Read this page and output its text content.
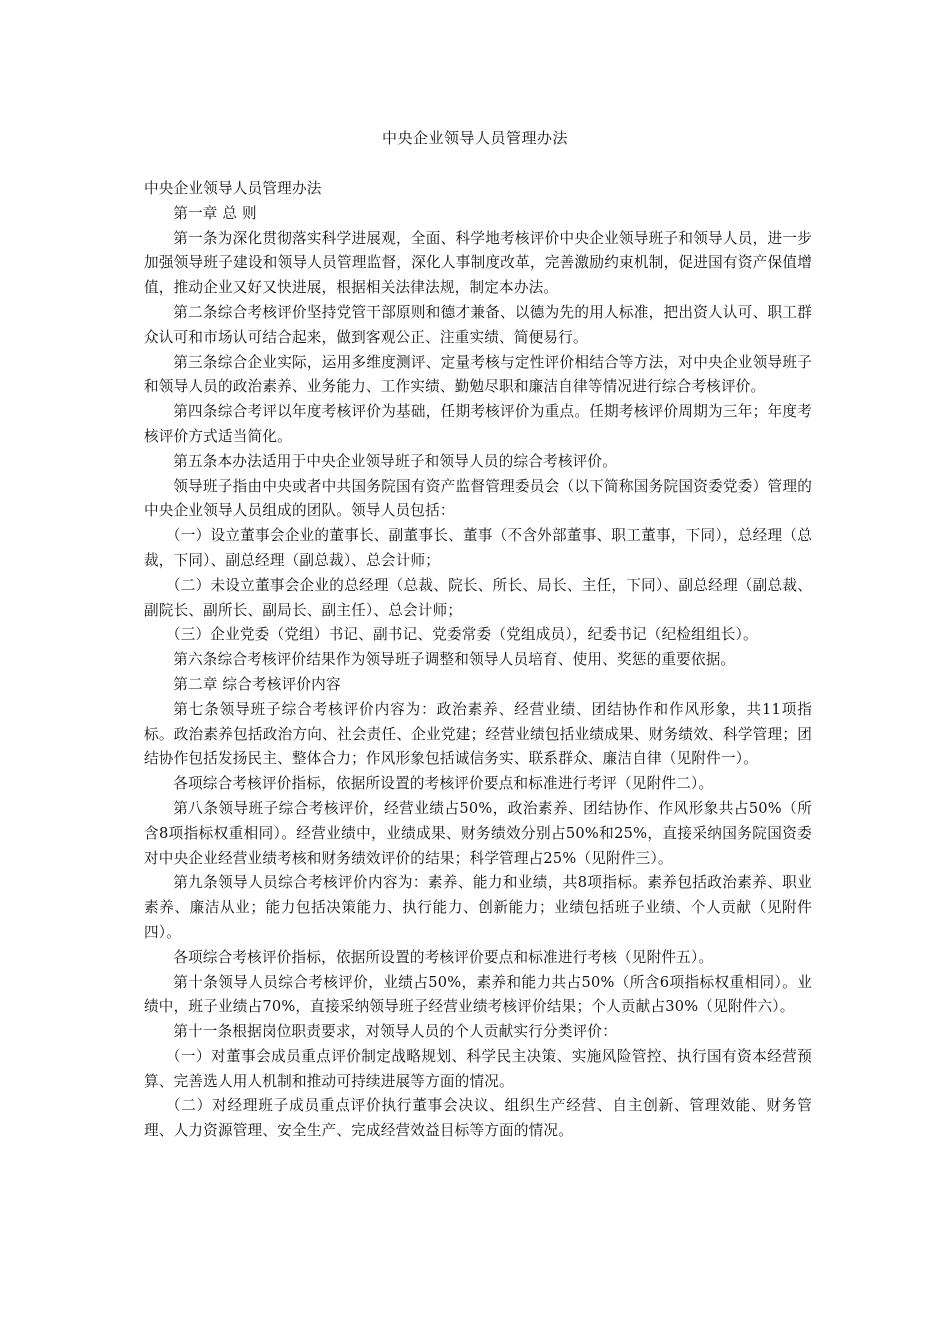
中央企业领导人员管理办法

中央企业领导人员管理办法

第一章 总 则

第一条为深化贯彻落实科学进展观，全面、科学地考核评价中央企业领导班子和领导人员，进一步加强领导班子建设和领导人员管理监督，深化人事制度改革，完善激励约束机制，促进国有资产保值增值，推动企业又好又快进展，根据相关法律法规，制定本办法。

第二条综合考核评价坚持党管干部原则和德才兼备、以德为先的用人标准，把出资人认可、职工群众认可和市场认可结合起来，做到客观公正、注重实绩、简便易行。

第三条综合企业实际，运用多维度测评、定量考核与定性评价相结合等方法，对中央企业领导班子和领导人员的政治素养、业务能力、工作实绩、勤勉尽职和廉洁自律等情况进行综合考核评价。

第四条综合考评以年度考核评价为基础，任期考核评价为重点。任期考核评价周期为三年；年度考核评价方式适当简化。

第五条本办法适用于中央企业领导班子和领导人员的综合考核评价。

领导班子指由中央或者中共国务院国有资产监督管理委员会（以下简称国务院国资委党委）管理的中央企业领导人员组成的团队。领导人员包括：

（一）设立董事会企业的董事长、副董事长、董事（不含外部董事、职工董事，下同），总经理（总裁，下同）、副总经理（副总裁）、总会计师；

（二）未设立董事会企业的总经理（总裁、院长、所长、局长、主任，下同）、副总经理（副总裁、副院长、副所长、副局长、副主任）、总会计师；

（三）企业党委（党组）书记、副书记、党委常委（党组成员），纪委书记（纪检组组长）。

第六条综合考核评价结果作为领导班子调整和领导人员培育、使用、奖惩的重要依据。

第二章 综合考核评价内容

第七条领导班子综合考核评价内容为：政治素养、经营业绩、团结协作和作风形象，共11项指标。政治素养包括政治方向、社会责任、企业党建；经营业绩包括业绩成果、财务绩效、科学管理；团结协作包括发扬民主、整体合力；作风形象包括诚信务实、联系群众、廉洁自律（见附件一）。

各项综合考核评价指标，依据所设置的考核评价要点和标准进行考评（见附件二）。

第八条领导班子综合考核评价，经营业绩占50%，政治素养、团结协作、作风形象共占50%（所含8项指标权重相同）。经营业绩中，业绩成果、财务绩效分别占50%和25%，直接采纳国务院国资委对中央企业经营业绩考核和财务绩效评价的结果；科学管理占25%（见附件三）。

第九条领导人员综合考核评价内容为：素养、能力和业绩，共8项指标。素养包括政治素养、职业素养、廉洁从业；能力包括决策能力、执行能力、创新能力；业绩包括班子业绩、个人贡献（见附件四）。

各项综合考核评价指标，依据所设置的考核评价要点和标准进行考核（见附件五）。

第十条领导人员综合考核评价，业绩占50%，素养和能力共占50%（所含6项指标权重相同）。业绩中，班子业绩占70%，直接采纳领导班子经营业绩考核评价结果；个人贡献占30%（见附件六）。

第十一条根据岗位职责要求，对领导人员的个人贡献实行分类评价：

（一）对董事会成员重点评价制定战略规划、科学民主决策、实施风险管控、执行国有资本经营预算、完善选人用人机制和推动可持续进展等方面的情况。

（二）对经理班子成员重点评价执行董事会决议、组织生产经营、自主创新、管理效能、财务管理、人力资源管理、安全生产、完成经营效益目标等方面的情况。
